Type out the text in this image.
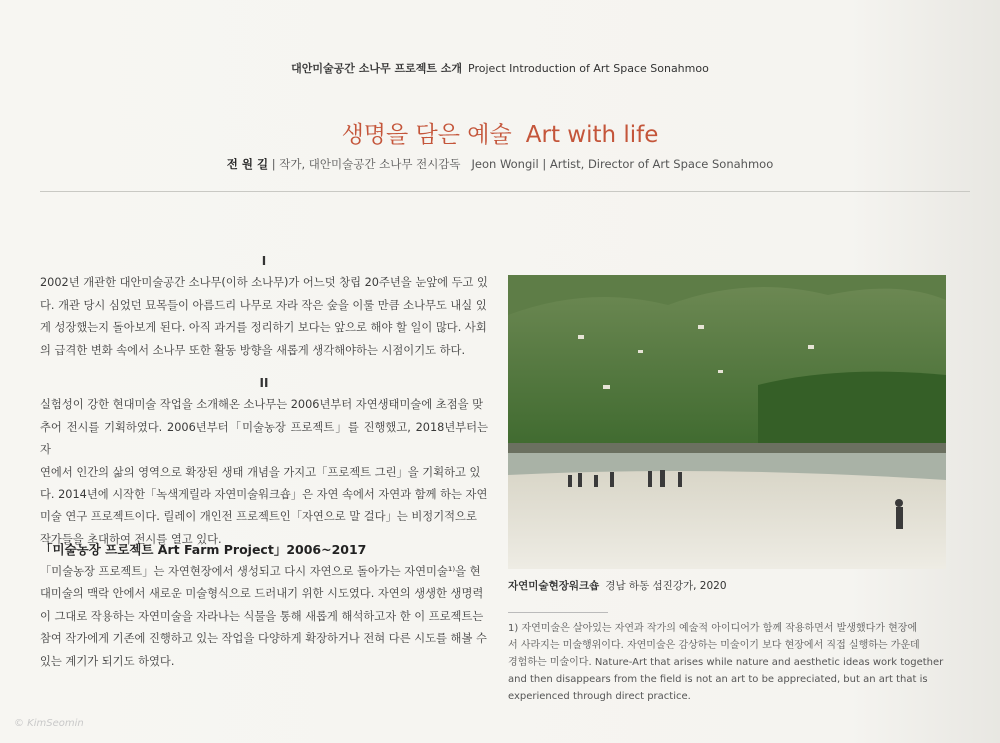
대안미술공간 소나무 프로젝트 소개 Project Introduction of Art Space Sonahmoo
생명을 담은 예술 Art with life
전 원 길 | 작가, 대안미술공간 소나무 전시감독 Jeon Wongil | Artist, Director of Art Space Sonahmoo
I
2002년 개관한 대안미술공간 소나무(이하 소나무)가 어느덧 창립 20주년을 눈앞에 두고 있
다. 개관 당시 심었던 묘목들이 아름드리 나무로 자라 작은 숲을 이룰 만큼 소나무도 내실 있
게 성장했는지 돌아보게 된다. 아직 과거를 정리하기 보다는 앞으로 해야 할 일이 많다. 사회
의 급격한 변화 속에서 소나무 또한 활동 방향을 새롭게 생각해야하는 시점이기도 하다.
II
실험성이 강한 현대미술 작업을 소개해온 소나무는 2006년부터 자연생태미술에 초점을 맞
추어 전시를 기획하였다. 2006년부터「미술농장 프로젝트」를 진행했고, 2018년부터는 자
연에서 인간의 삶의 영역으로 확장된 생태 개념을 가지고「프로젝트 그린」을 기획하고 있
다. 2014년에 시작한「녹색게릴라 자연미술워크숍」은 자연 속에서 자연과 함께 하는 자연
미술 연구 프로젝트이다. 릴레이 개인전 프로젝트인「자연으로 말 걸다」는 비정기적으로
작가들을 초대하여 전시를 열고 있다.
「미술농장 프로젝트 Art Farm Project」2006~2017
「미술농장 프로젝트」는 자연현장에서 생성되고 다시 자연으로 돌아가는 자연미술¹⁾을 현
대미술의 맥락 안에서 새로운 미술형식으로 드러내기 위한 시도였다. 자연의 생생한 생명력
이 그대로 작용하는 자연미술을 자라나는 식물을 통해 새롭게 해석하고자 한 이 프로젝트는
참여 작가에게 기존에 진행하고 있는 작업을 다양하게 확장하거나 전혀 다른 시도를 해볼 수
있는 계기가 되기도 하였다.
자연미술현장워크숍 경남 하동 섬진강가, 2020
1) 자연미술은 살아있는 자연과 작가의 예술적 아이디어가 함께 작용하면서 발생했다가 현장에
서 사라지는 미술행위이다. 자연미술은 감상하는 미술이기 보다 현장에서 직접 실행하는 가운데
경험하는 미술이다. Nature-Art that arises while nature and aesthetic ideas work together
and then disappears from the field is not an art to be appreciated, but an art that is
experienced through direct practice.
© KimSeomin
